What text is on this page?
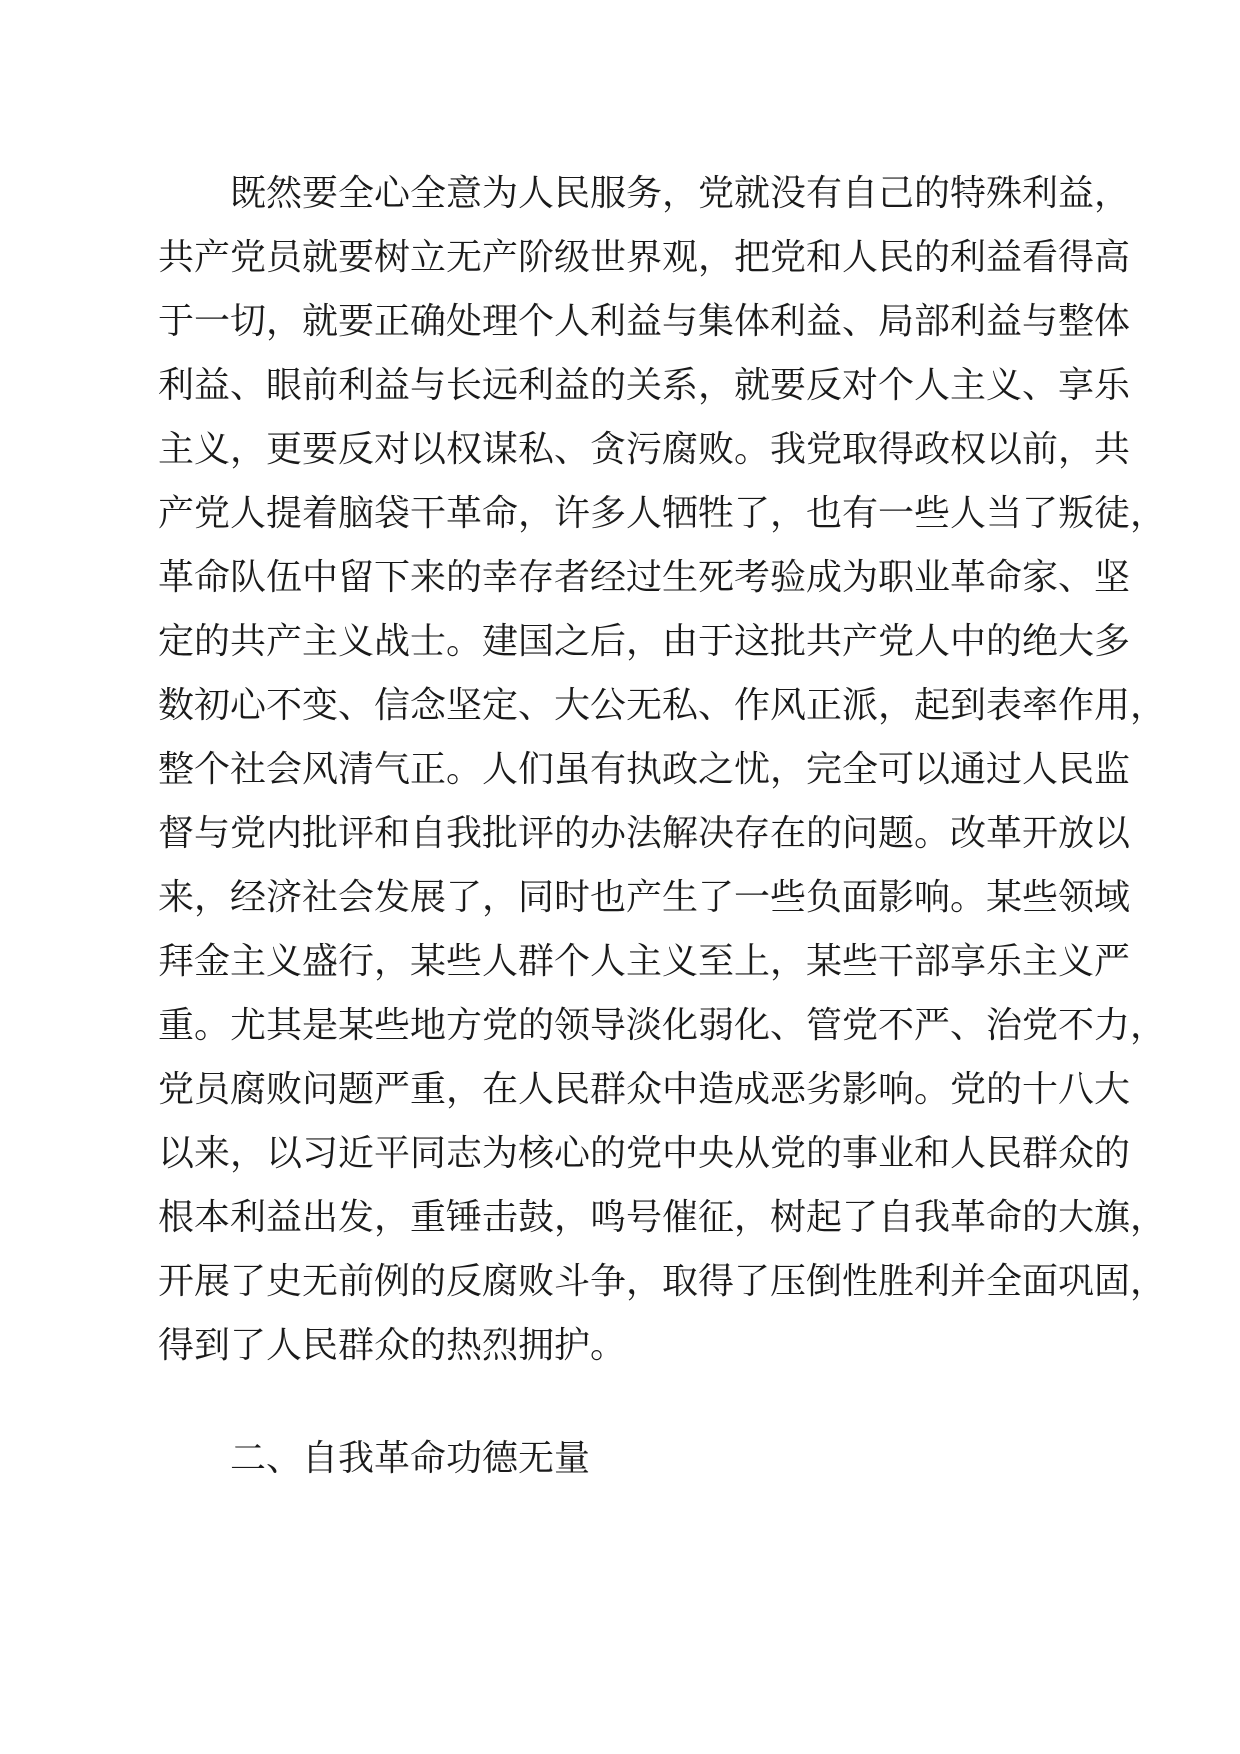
既然要全心全意为人民服务，党就没有自己的特殊利益，
共产党员就要树立无产阶级世界观，把党和人民的利益看得高
于一切，就要正确处理个人利益与集体利益、局部利益与整体
利益、眼前利益与长远利益的关系，就要反对个人主义、享乐
主义，更要反对以权谋私、贪污腐败。我党取得政权以前，共
产党人提着脑袋干革命，许多人牺牲了，也有一些人当了叛徒，
革命队伍中留下来的幸存者经过生死考验成为职业革命家、坚
定的共产主义战士。建国之后，由于这批共产党人中的绝大多
数初心不变、信念坚定、大公无私、作风正派，起到表率作用，
整个社会风清气正。人们虽有执政之忧，完全可以通过人民监
督与党内批评和自我批评的办法解决存在的问题。改革开放以
来，经济社会发展了，同时也产生了一些负面影响。某些领域
拜金主义盛行，某些人群个人主义至上，某些干部享乐主义严
重。尤其是某些地方党的领导淡化弱化、管党不严、治党不力，
党员腐败问题严重，在人民群众中造成恶劣影响。党的十八大
以来，以习近平同志为核心的党中央从党的事业和人民群众的
根本利益出发，重锤击鼓，鸣号催征，树起了自我革命的大旗，
开展了史无前例的反腐败斗争，取得了压倒性胜利并全面巩固，
得到了人民群众的热烈拥护。
二、自我革命功德无量
